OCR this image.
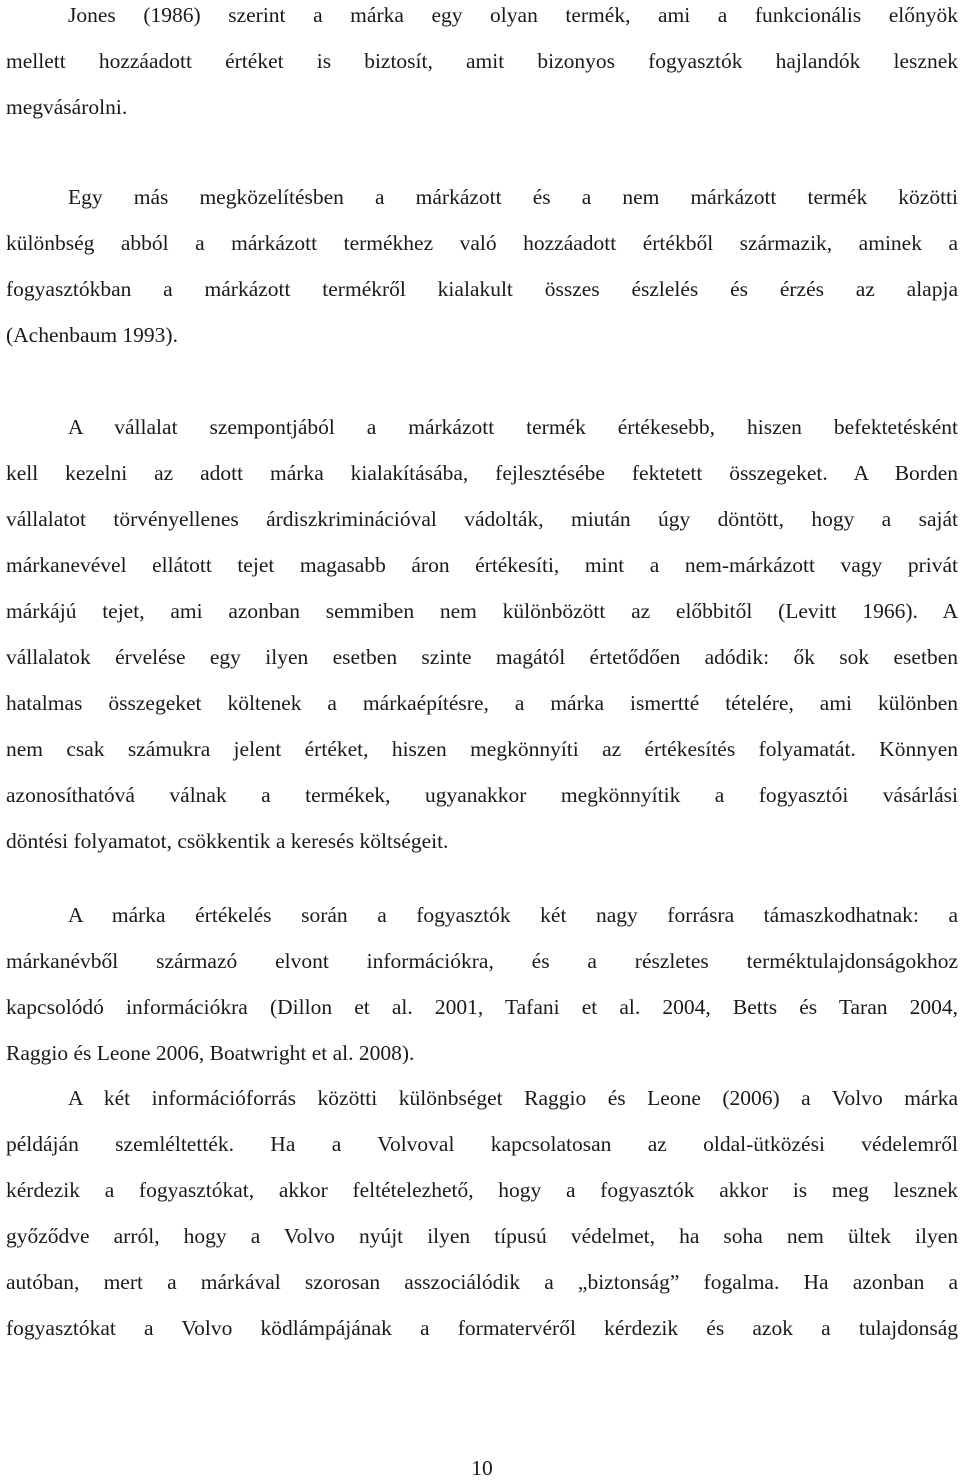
Jones (1986) szerint a márka egy olyan termék, ami a funkcionális előnyök
mellett hozzáadott értéket is biztosít, amit bizonyos fogyasztók hajlandók lesznek
megvásárolni.
Egy más megközelítésben a márkázott és a nem márkázott termék közötti
különbség abból a márkázott termékhez való hozzáadott értékből származik, aminek a
fogyasztókban a márkázott termékről kialakult összes észlelés és érzés az alapja
(Achenbaum 1993).
A vállalat szempontjából a márkázott termék értékesebb, hiszen befektetésként
kell kezelni az adott márka kialakításába, fejlesztésébe fektetett összegeket. A Borden
vállalatot törvényellenes árdiszkriminációval vádolták, miután úgy döntött, hogy a saját
márkanevével ellátott tejet magasabb áron értékesíti, mint a nem-márkázott vagy privát
márkájú tejet, ami azonban semmiben nem különbözött az előbbitől (Levitt 1966). A
vállalatok érvelése egy ilyen esetben szinte magától értetődően adódik: ők sok esetben
hatalmas összegeket költenek a márkaépítésre, a márka ismertté tételére, ami különben
nem csak számukra jelent értéket, hiszen megkönnyíti az értékesítés folyamatát. Könnyen
azonosíthatóvá válnak a termékek, ugyanakkor megkönnyítik a fogyasztói vásárlási
döntési folyamatot, csökkentik a keresés költségeit.
A márka értékelés során a fogyasztók két nagy forrásra támaszkodhatnak: a
márkanévből származó elvont információkra, és a részletes terméktulajdonságokhoz
kapcsolódó információkra (Dillon et al. 2001, Tafani et al. 2004, Betts és Taran 2004,
Raggio és Leone 2006, Boatwright et al. 2008).
A két információforrás közötti különbséget Raggio és Leone (2006) a Volvo márka
példáján szemléltették. Ha a Volvoval kapcsolatosan az oldal-ütközési védelemről
kérdezik a fogyasztókat, akkor feltételezhető, hogy a fogyasztók akkor is meg lesznek
győződve arról, hogy a Volvo nyújt ilyen típusú védelmet, ha soha nem ültek ilyen
autóban, mert a márkával szorosan asszociálódik a „biztonság” fogalma. Ha azonban a
fogyasztókat a Volvo ködlámpájának a formatervéről kérdezik és azok a tulajdonság
10
